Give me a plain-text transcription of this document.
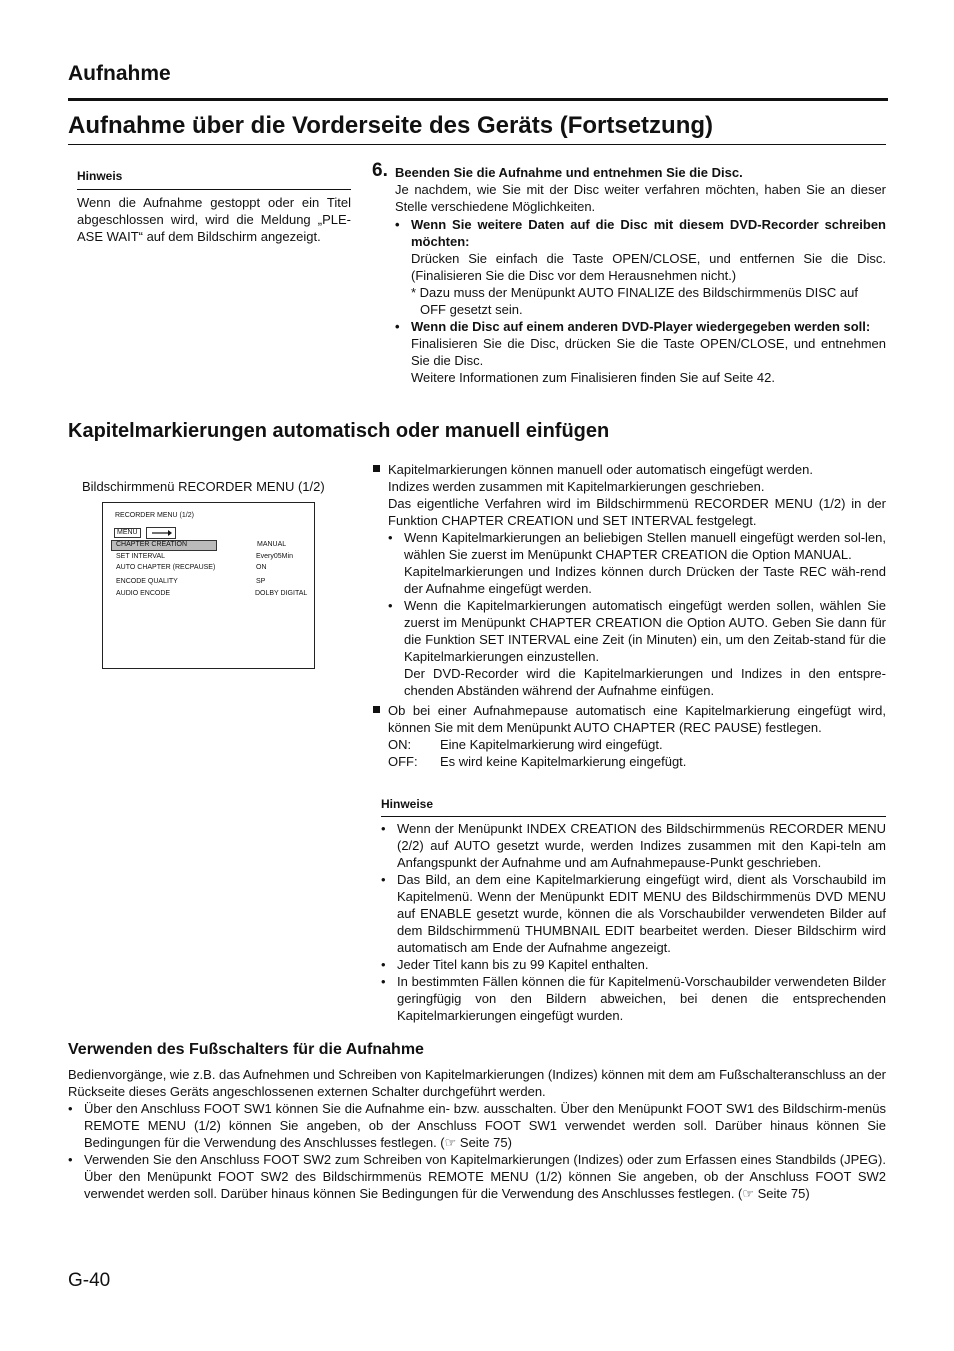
Aufnahme
Aufnahme über die Vorderseite des Geräts (Fortsetzung)
Hinweis

Wenn die Aufnahme gestoppt oder ein Titel abgeschlossen wird, wird die Meldung „PLE-ASE WAIT“ auf dem Bildschirm angezeigt.

6. Beenden Sie die Aufnahme und entnehmen Sie die Disc.

Je nachdem, wie Sie mit der Disc weiter verfahren möchten, haben Sie an dieser Stelle verschiedene Möglichkeiten.

• Wenn Sie weitere Daten auf die Disc mit diesem DVD-Recorder schreiben möchten:

Drücken Sie einfach die Taste OPEN/CLOSE, und entfernen Sie die Disc. (Finalisieren Sie die Disc vor dem Herausnehmen nicht.)

* Dazu muss der Menüpunkt AUTO FINALIZE des Bildschirmmenüs DISC auf OFF gesetzt sein.

• Wenn die Disc auf einem anderen DVD-Player wiedergegeben werden soll:

Finalisieren Sie die Disc, drücken Sie die Taste OPEN/CLOSE, und entnehmen Sie die Disc.

Weitere Informationen zum Finalisieren finden Sie auf Seite 42.

Kapitelmarkierungen automatisch oder manuell einfügen
Bildschirmmenü RECORDER MENU (1/2)
RECORDER MENU (1/2)
MENU
CHAPTER CREATION	MANUAL
SET INTERVAL	Every05Min
AUTO CHAPTER (RECPAUSE)	ON
ENCODE QUALITY	SP
AUDIO ENCODE	DOLBY DIGITAL

Kapitelmarkierungen können manuell oder automatisch eingefügt werden.

Indizes werden zusammen mit Kapitelmarkierungen geschrieben.

Das eigentliche Verfahren wird im Bildschirmmenü RECORDER MENU (1/2) in der Funktion CHAPTER CREATION und SET INTERVAL festgelegt.

• Wenn Kapitelmarkierungen an beliebigen Stellen manuell eingefügt werden sol-len, wählen Sie zuerst im Menüpunkt CHAPTER CREATION die Option MANUAL.

Kapitelmarkierungen und Indizes können durch Drücken der Taste REC wäh-rend der Aufnahme eingefügt werden.

• Wenn die Kapitelmarkierungen automatisch eingefügt werden sollen, wählen Sie zuerst im Menüpunkt CHAPTER CREATION die Option AUTO. Geben Sie dann für die Funktion SET INTERVAL eine Zeit (in Minuten) ein, um den Zeitab-stand für die Kapitelmarkierungen einzustellen.

Der DVD-Recorder wird die Kapitelmarkierungen und Indizes in den entspre-chenden Abständen während der Aufnahme einfügen.

Ob bei einer Aufnahmepause automatisch eine Kapitelmarkierung eingefügt wird, können Sie mit dem Menüpunkt AUTO CHAPTER (REC PAUSE) festlegen.

ON:	Eine Kapitelmarkierung wird eingefügt.
OFF:	Es wird keine Kapitelmarkierung eingefügt.
Hinweise
• Wenn der Menüpunkt INDEX CREATION des Bildschirmmenüs RECORDER MENU (2/2) auf AUTO gesetzt wurde, werden Indizes zusammen mit den Kapi-teln am Anfangspunkt der Aufnahme und am Aufnahmepause-Punkt geschrieben.
• Das Bild, an dem eine Kapitelmarkierung eingefügt wird, dient als Vorschaubild im Kapitelmenü. Wenn der Menüpunkt EDIT MENU des Bildschirmmenüs DVD MENU auf ENABLE gesetzt wurde, können die als Vorschaubilder verwendeten Bilder auf dem Bildschirmmenü THUMBNAIL EDIT bearbeitet werden. Dieser Bildschirm wird automatisch am Ende der Aufnahme angezeigt.
• Jeder Titel kann bis zu 99 Kapitel enthalten.
• In bestimmten Fällen können die für Kapitelmenü-Vorschaubilder verwendeten Bilder geringfügig von den Bildern abweichen, bei denen die entsprechenden Kapitelmarkierungen eingefügt wurden.
Verwenden des Fußschalters für die Aufnahme

Bedienvorgänge, wie z.B. das Aufnehmen und Schreiben von Kapitelmarkierungen (Indizes) können mit dem am Fußschalteranschluss an der Rückseite dieses Geräts angeschlossenen externen Schalter durchgeführt werden.

• Über den Anschluss FOOT SW1 können Sie die Aufnahme ein- bzw. ausschalten. Über den Menüpunkt FOOT SW1 des Bildschirm-menüs REMOTE MENU (1/2) können Sie angeben, ob der Anschluss FOOT SW1 verwendet werden soll. Darüber hinaus können Sie Bedingungen für die Verwendung des Anschlusses festlegen. (☞ Seite 75)
• Verwenden Sie den Anschluss FOOT SW2 zum Schreiben von Kapitelmarkierungen (Indizes) oder zum Erfassen eines Standbilds (JPEG). Über den Menüpunkt FOOT SW2 des Bildschirmmenüs REMOTE MENU (1/2) können Sie angeben, ob der Anschluss FOOT SW2 verwendet werden soll. Darüber hinaus können Sie Bedingungen für die Verwendung des Anschlusses festlegen. (☞ Seite 75)
G-40
